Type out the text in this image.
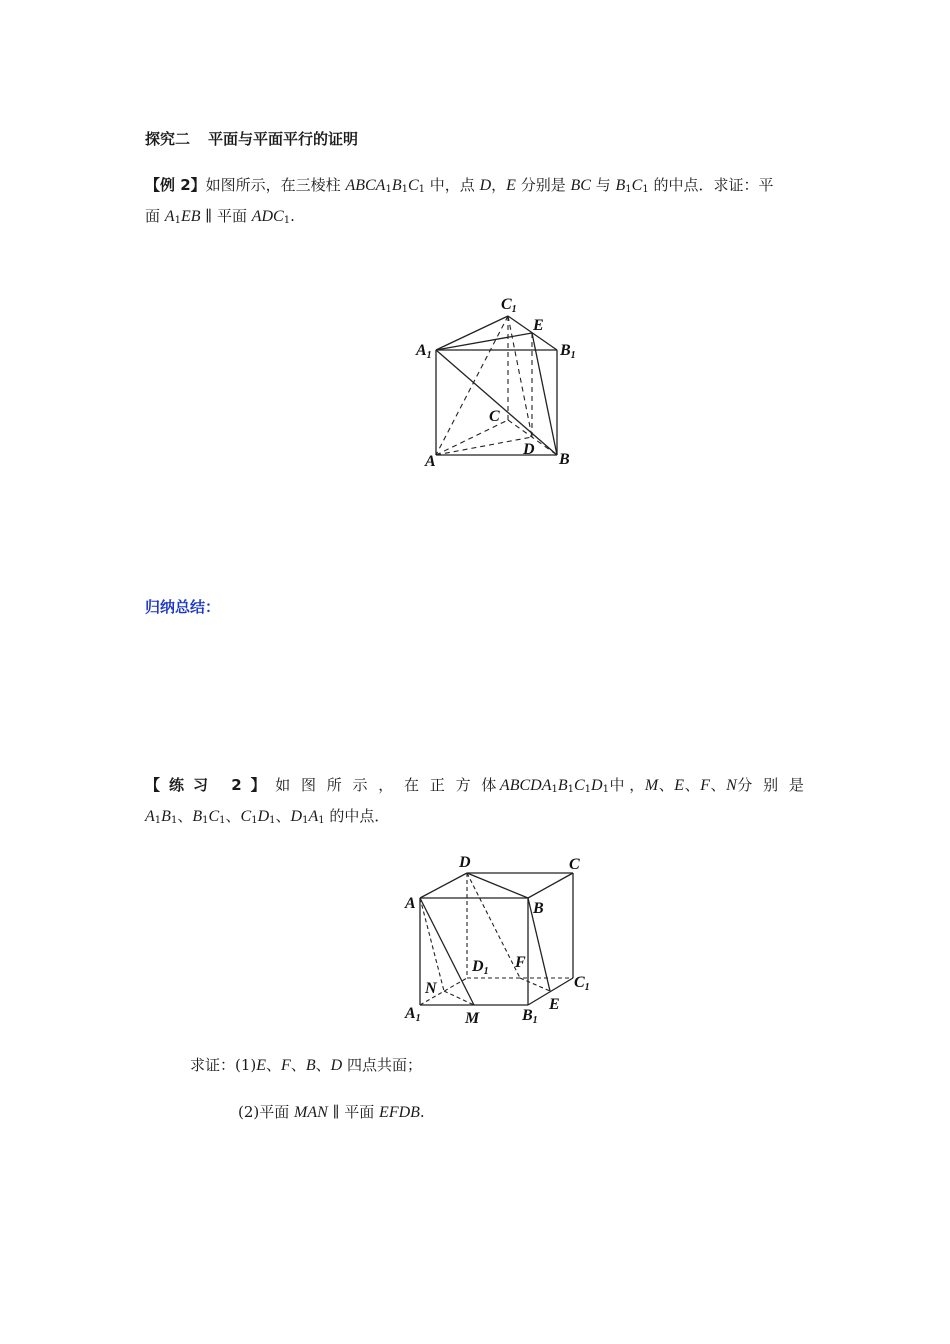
探究二 平面与平面平行的证明
【例 2】如图所示，在三棱柱 $ABCA_1B_1C_1$ 中，点 D，E 分别是 BC 与 $B_1C_1$ 的中点．求证：平
面 $A_1EB$ ∥ 平面 $ADC_1$.
C1
E
A1	B1
C
D
A	B
归纳总结：
【练习 2】 如 图 所 示 ， 在 正 方 体 $ABCDA_1B_1C_1D_1$ 中 ， M 、 E 、 F 、 N 分 别 是
$A_1B_1$、$B_1C_1$、$C_1D_1$、$D_1A_1$ 的中点．
D	C
A	B
D1
F
C1
N
E
A1	M	B1
求证：(1)E、F、B、D 四点共面；
(2)平面 MAN ∥ 平面 EFDB.
